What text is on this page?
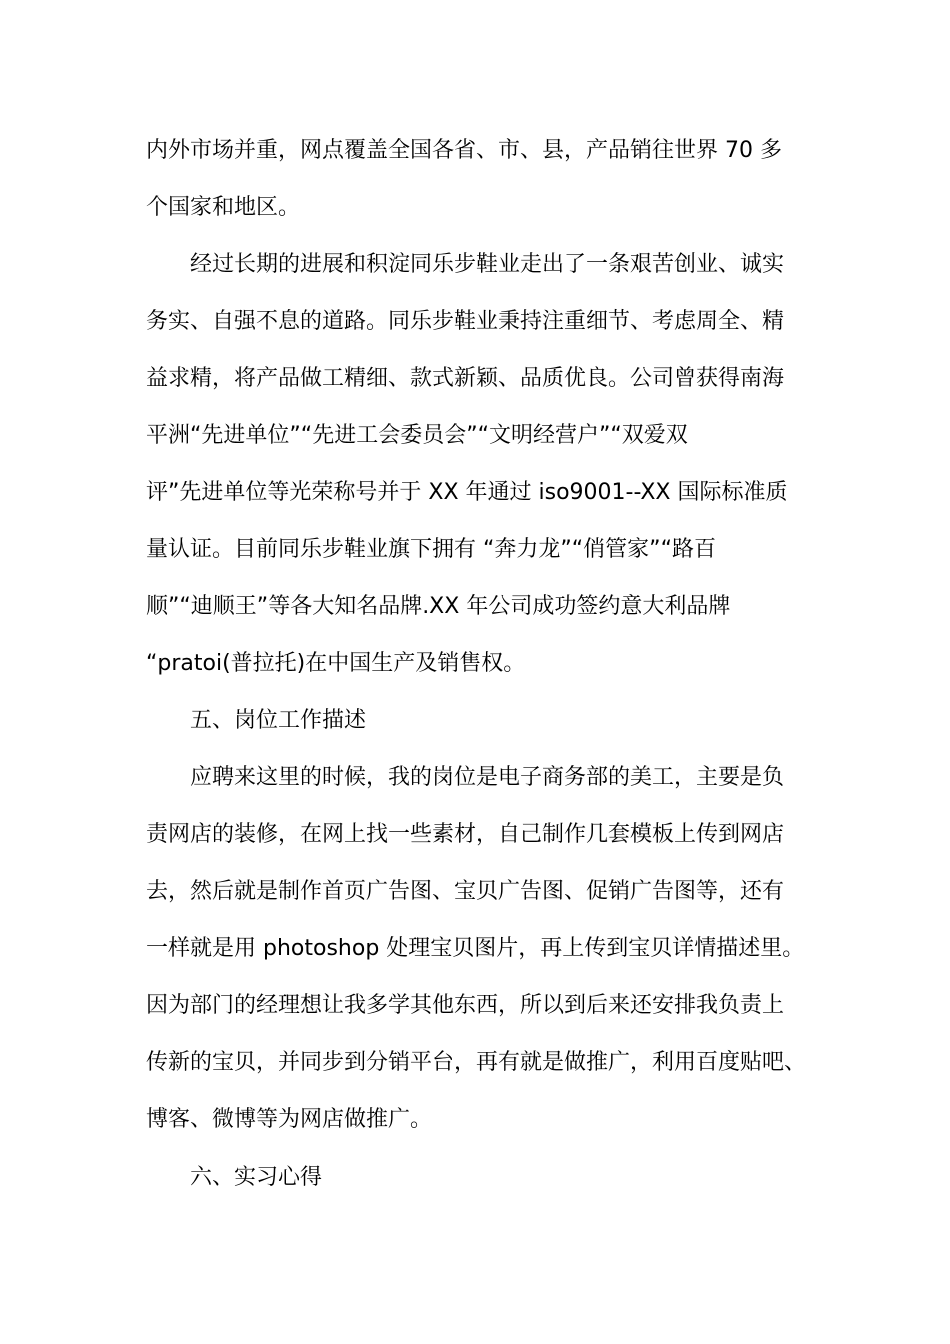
内外市场并重，网点覆盖全国各省、市、县，产品销往世界 70 多
个国家和地区。
经过长期的进展和积淀同乐步鞋业走出了一条艰苦创业、诚实
务实、自强不息的道路。同乐步鞋业秉持注重细节、考虑周全、精
益求精，将产品做工精细、款式新颖、品质优良。公司曾获得南海
平洲“先进单位”“先进工会委员会”“文明经营户”“双爱双
评”先进单位等光荣称号并于 XX 年通过 iso9001--XX 国际标准质
量认证。目前同乐步鞋业旗下拥有 “奔力龙”“俏管家”“路百
顺”“迪顺王”等各大知名品牌.XX 年公司成功签约意大利品牌
“pratoi(普拉托)在中国生产及销售权。
五、岗位工作描述
应聘来这里的时候，我的岗位是电子商务部的美工，主要是负
责网店的装修，在网上找一些素材，自己制作几套模板上传到网店
去，然后就是制作首页广告图、宝贝广告图、促销广告图等，还有
一样就是用 photoshop 处理宝贝图片，再上传到宝贝详情描述里。
因为部门的经理想让我多学其他东西，所以到后来还安排我负责上
传新的宝贝，并同步到分销平台，再有就是做推广，利用百度贴吧、
博客、微博等为网店做推广。
六、实习心得
